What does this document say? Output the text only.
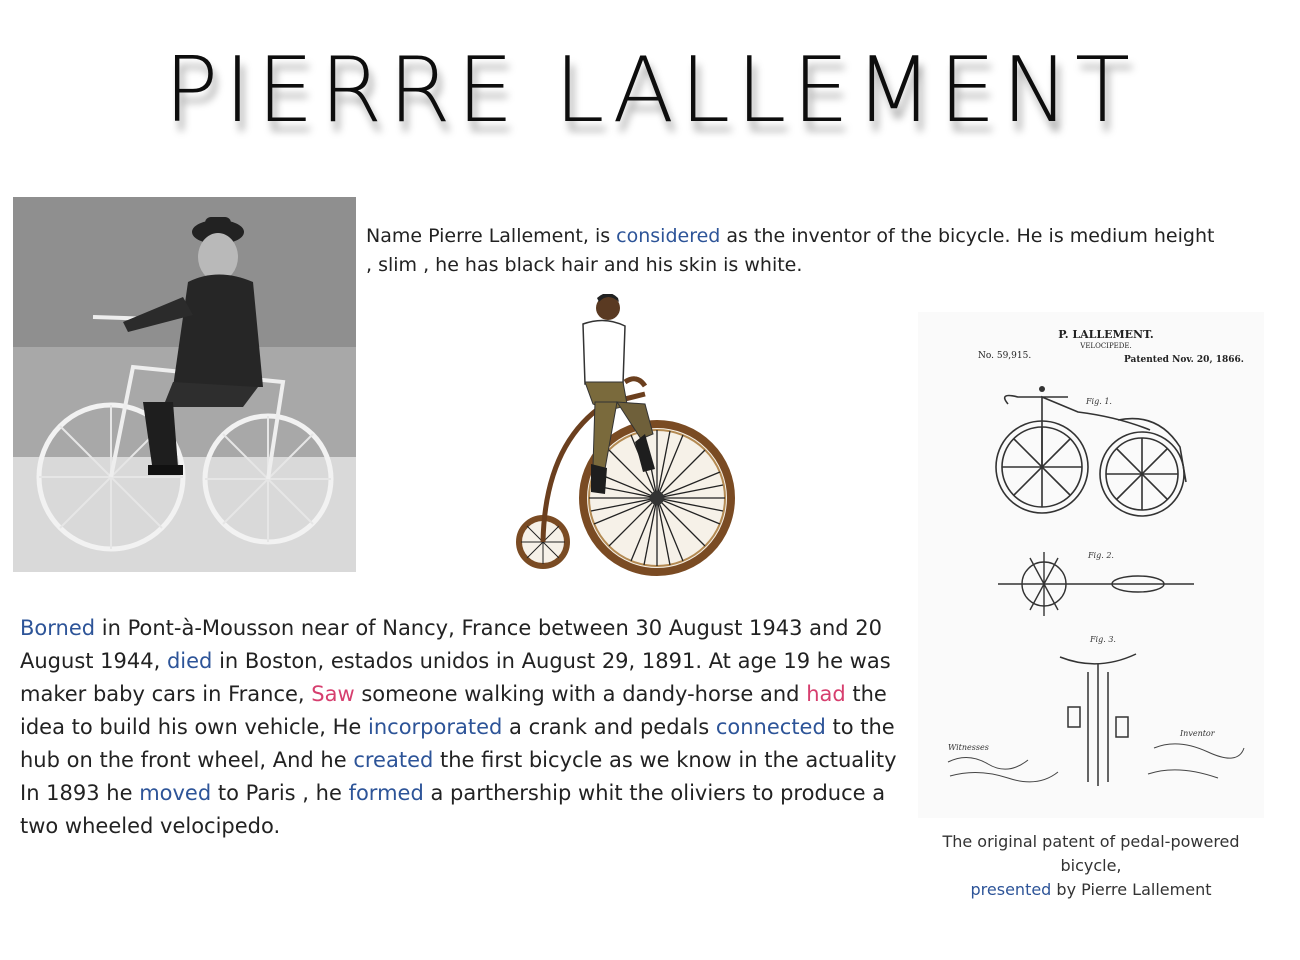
PIERRE LALLEMENT
Name Pierre Lallement, is considered as the inventor of the bicycle. He is medium height , slim , he has black hair and his skin is white.
P. LALLEMENT.
VELOCIPEDE.
No. 59,915.	Patented Nov. 20, 1866.
Fig. 1.
Fig. 2.
Fig. 3.
Witnesses
Inventor
Borned in Pont-à-Mousson near of Nancy, France between 30 August 1943 and 20 August 1944, died in Boston, estados unidos in August 29, 1891. At age 19 he was maker baby cars in France, Saw someone walking with a dandy-horse and had the idea to build his own vehicle, He incorporated a crank and pedals connected to the hub on the front wheel, And he created the first bicycle as we know in the actuality In 1893 he moved to Paris , he formed a parthership whit the oliviers to produce a two wheeled velocipedo.
The original patent of pedal-powered bicycle,
presented by Pierre Lallement
